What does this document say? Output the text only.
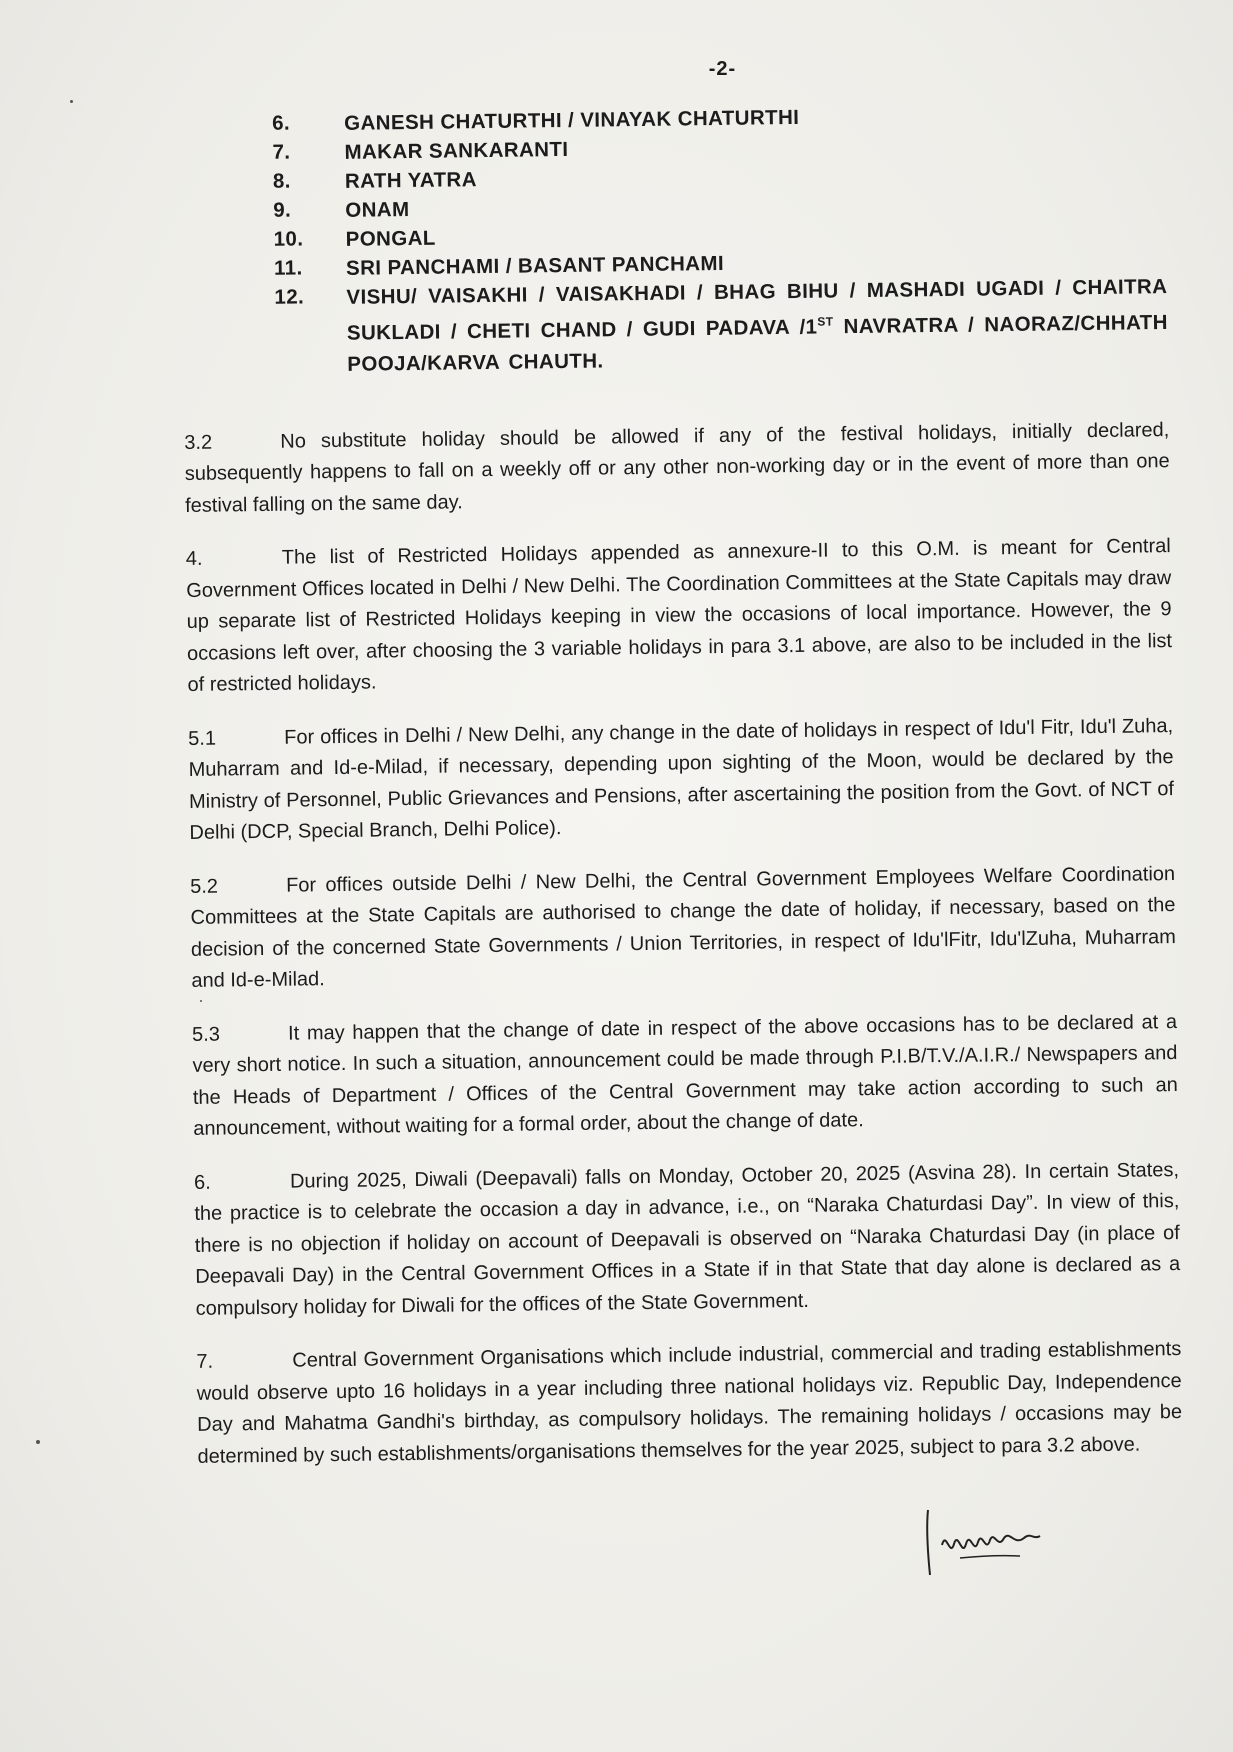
-2-
6.	GANESH CHATURTHI / VINAYAK CHATURTHI
7.	MAKAR SANKARANTI
8.	RATH YATRA
9.	ONAM
10.	PONGAL
11.	SRI PANCHAMI / BASANT PANCHAMI
12.	VISHU/ VAISAKHI / VAISAKHADI / BHAG BIHU / MASHADI UGADI / CHAITRA SUKLADI / CHETI CHAND / GUDI PADAVA /1ST NAVRATRA / NAORAZ/CHHATH POOJA/KARVA CHAUTH.

3.2	No substitute holiday should be allowed if any of the festival holidays, initially declared, subsequently happens to fall on a weekly off or any other non-working day or in the event of more than one festival falling on the same day.

4.	The list of Restricted Holidays appended as annexure-II to this O.M. is meant for Central Government Offices located in Delhi / New Delhi. The Coordination Committees at the State Capitals may draw up separate list of Restricted Holidays keeping in view the occasions of local importance. However, the 9 occasions left over, after choosing the 3 variable holidays in para 3.1 above, are also to be included in the list of restricted holidays.

5.1	For offices in Delhi / New Delhi, any change in the date of holidays in respect of Idu'l Fitr, Idu'l Zuha, Muharram and Id-e-Milad, if necessary, depending upon sighting of the Moon, would be declared by the Ministry of Personnel, Public Grievances and Pensions, after ascertaining the position from the Govt. of NCT of Delhi (DCP, Special Branch, Delhi Police).

5.2	For offices outside Delhi / New Delhi, the Central Government Employees Welfare Coordination Committees at the State Capitals are authorised to change the date of holiday, if necessary, based on the decision of the concerned State Governments / Union Territories, in respect of Idu'lFitr, Idu'lZuha, Muharram and Id-e-Milad.

5.3	It may happen that the change of date in respect of the above occasions has to be declared at a very short notice. In such a situation, announcement could be made through P.I.B/T.V./A.I.R./ Newspapers and the Heads of Department / Offices of the Central Government may take action according to such an announcement, without waiting for a formal order, about the change of date.

6.	During 2025, Diwali (Deepavali) falls on Monday, October 20, 2025 (Asvina 28). In certain States, the practice is to celebrate the occasion a day in advance, i.e., on “Naraka Chaturdasi Day”. In view of this, there is no objection if holiday on account of Deepavali is observed on “Naraka Chaturdasi Day (in place of Deepavali Day) in the Central Government Offices in a State if in that State that day alone is declared as a compulsory holiday for Diwali for the offices of the State Government.

7.	Central Government Organisations which include industrial, commercial and trading establishments would observe upto 16 holidays in a year including three national holidays viz. Republic Day, Independence Day and Mahatma Gandhi's birthday, as compulsory holidays. The remaining holidays / occasions may be determined by such establishments/organisations themselves for the year 2025, subject to para 3.2 above.
